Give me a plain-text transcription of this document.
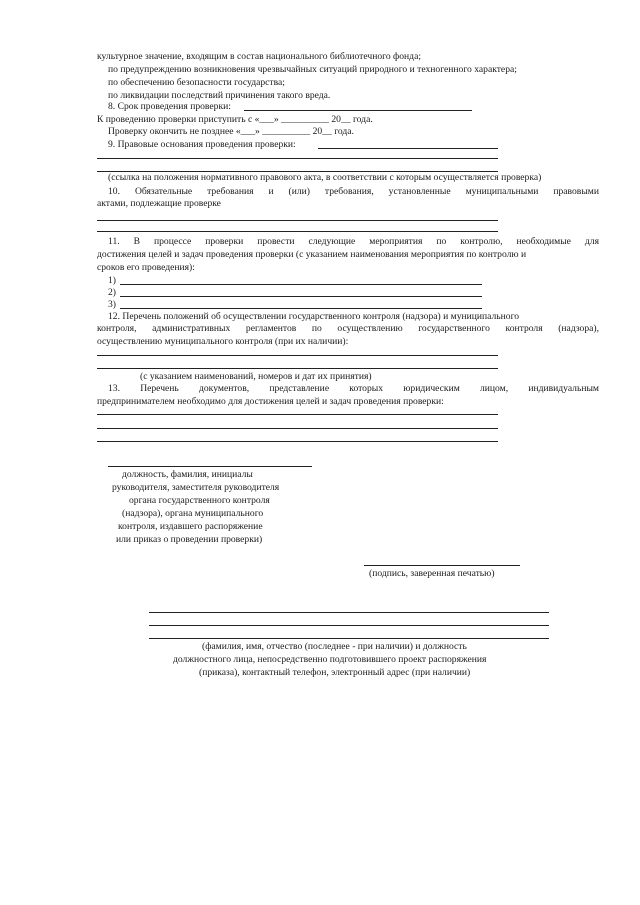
культурное значение, входящим в состав национального библиотечного фонда;
по предупреждению возникновения чрезвычайных ситуаций природного и техногенного характера;
по обеспечению безопасности государства;
по ликвидации последствий причинения такого вреда.
8. Срок проведения проверки:
К проведению проверки приступить с «___» __________ 20__ года.
Проверку окончить не позднее «___» __________ 20__ года.
9. Правовые основания проведения проверки:
(ссылка на положения нормативного правового акта, в соответствии с которым осуществляется проверка)
10. Обязательные требования и (или) требования, установленные муниципальными правовыми
актами, подлежащие проверке
11. В процессе проверки провести следующие мероприятия по контролю, необходимые для
достижения целей и задач проведения проверки (с указанием наименования мероприятия по контролю и
сроков его проведения):
1)
2)
3)
12. Перечень положений об осуществлении государственного контроля (надзора) и муниципального
контроля, административных регламентов по осуществлению государственного контроля (надзора),
осуществлению муниципального контроля (при их наличии):
(с указанием наименований, номеров и дат их принятия)
13. Перечень документов, представление которых юридическим лицом, индивидуальным
предпринимателем необходимо для достижения целей и задач проведения проверки:
должность, фамилия, инициалы
руководителя, заместителя руководителя
органа государственного контроля
(надзора), органа муниципального
контроля, издавшего распоряжение
или приказ о проведении проверки)
(подпись, заверенная печатью)
(фамилия, имя, отчество (последнее - при наличии) и должность
должностного лица, непосредственно подготовившего проект распоряжения
(приказа), контактный телефон, электронный адрес (при наличии)
